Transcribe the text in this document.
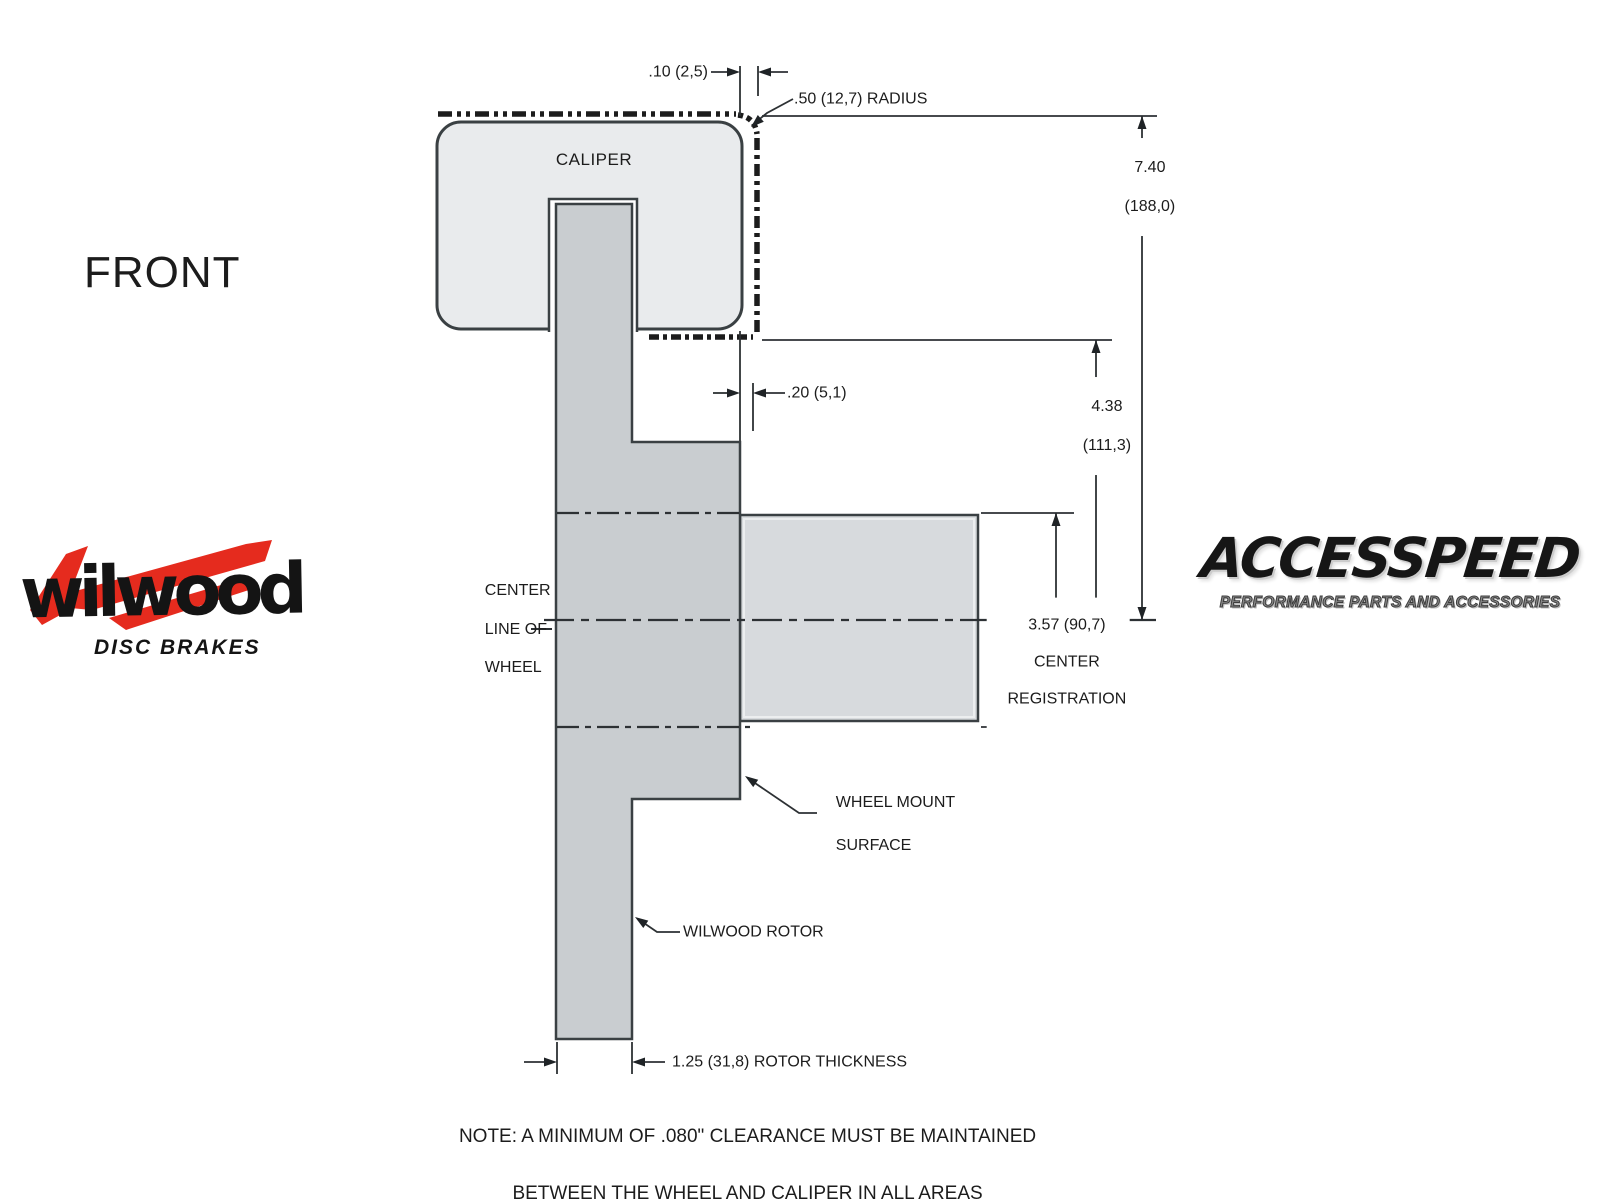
FRONT
CALIPER
.10 (2,5)
.50 (12,7) RADIUS

7.40

(188,0)

4.38

(111,3)

.20 (5,1)

CENTER

LINE OF

WHEEL

3.57 (90,7)

CENTER

REGISTRATION

WHEEL MOUNT

SURFACE

WILWOOD ROTOR
1.25 (31,8) ROTOR THICKNESS

NOTE: A MINIMUM OF .080" CLEARANCE MUST BE MAINTAINED

BETWEEN THE WHEEL AND CALIPER IN ALL AREAS

wilwood
DISC BRAKES
ACCESSPEED
PERFORMANCE PARTS AND ACCESSORIES
